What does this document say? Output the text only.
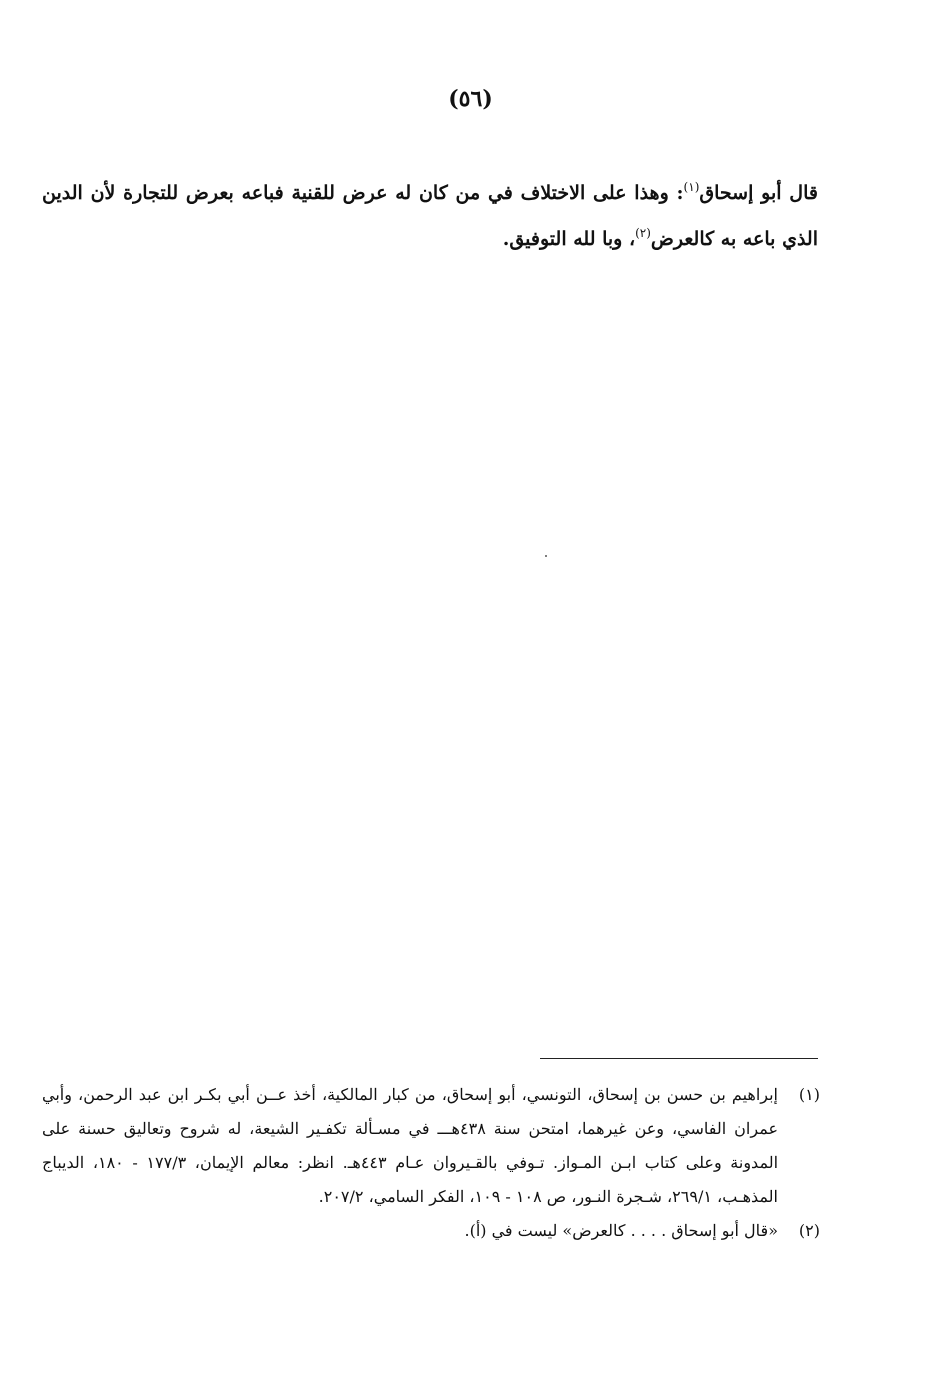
(٥٦)

قال أبو إسحاق$^{(١)}$: وهذا على الاختلاف في من كان له عرض للقنية فباعه بعرض للتجارة لأن الدين الذي باعه به كالعرض$^{(٢)}$، وبا لله التوفيق.

(١)
إبراهيم بن حسن بن إسحاق، التونسي، أبو إسحاق، من كبار المالكية، أخذ عــن أبي بكـر ابن عبد الرحمن، وأبي عمران الفاسي، وعن غيرهما، امتحن سنة ٤٣٨هـــ في مسـألة تكفـير الشيعة، له شروح وتعاليق حسنة على المدونة وعلى كتاب ابـن المـواز. تـوفي بالقـيروان عـام ٤٤٣هـ. انظر: معالم الإيمان، ١٧٧/٣ - ١٨٠، الديباج المذهـب، ٢٦٩/١، شـجرة النـور، ص ١٠٨ - ١٠٩، الفكر السامي، ٢٠٧/٢.
(٢)
«قال أبو إسحاق . . . . كالعرض» ليست في (أ).
